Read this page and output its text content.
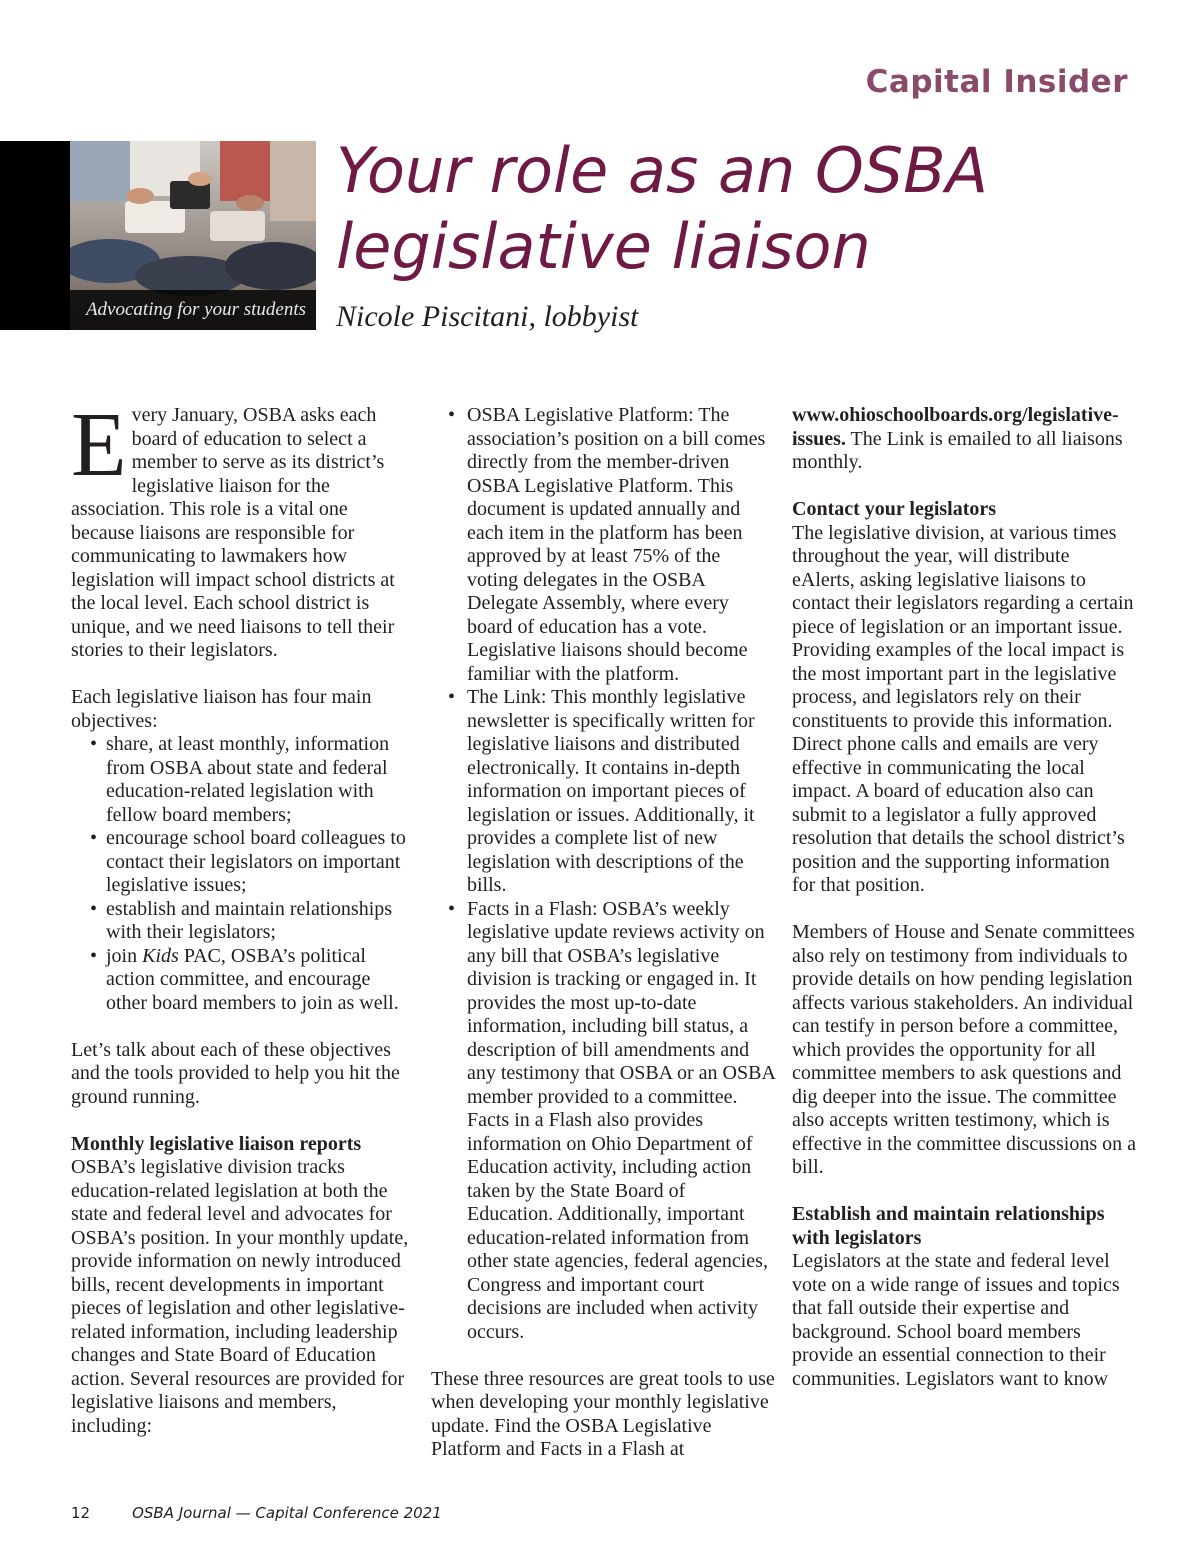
Capital Insider
Advocating for your students
Your role as an OSBA legislative liaison
Nicole Piscitani, lobbyist

Every January, OSBA asks each board of education to select a member to serve as its district’s legislative liaison for the association. This role is a vital one because liaisons are responsible for communicating to lawmakers how legislation will impact school districts at the local level. Each school district is unique, and we need liaisons to tell their stories to their legislators.

Each legislative liaison has four main objectives:

• share, at least monthly, information from OSBA about state and federal education-related legislation with fellow board members;
• encourage school board colleagues to contact their legislators on important legislative issues;
• establish and maintain relationships with their legislators;
• join Kids PAC, OSBA’s political action committee, and encourage other board members to join as well.

Let’s talk about each of these objectives and the tools provided to help you hit the ground running.

Monthly legislative liaison reports

OSBA’s legislative division tracks education-related legislation at both the state and federal level and advocates for OSBA’s position. In your monthly update, provide information on newly introduced bills, recent developments in important pieces of legislation and other legislative-related information, including leadership changes and State Board of Education action. Several resources are provided for legislative liaisons and members, including:

• OSBA Legislative Platform: The association’s position on a bill comes directly from the member-driven OSBA Legislative Platform. This document is updated annually and each item in the platform has been approved by at least 75% of the voting delegates in the OSBA Delegate Assembly, where every board of education has a vote. Legislative liaisons should become familiar with the platform.
• The Link: This monthly legislative newsletter is specifically written for legislative liaisons and distributed electronically. It contains in-depth information on important pieces of legislation or issues. Additionally, it provides a complete list of new legislation with descriptions of the bills.
• Facts in a Flash: OSBA’s weekly legislative update reviews activity on any bill that OSBA’s legislative division is tracking or engaged in. It provides the most up-to-date information, including bill status, a description of bill amendments and any testimony that OSBA or an OSBA member provided to a committee. Facts in a Flash also provides information on Ohio Department of Education activity, including action taken by the State Board of Education. Additionally, important education-related information from other state agencies, federal agencies, Congress and important court decisions are included when activity occurs.

These three resources are great tools to use when developing your monthly legislative update. Find the OSBA Legislative Platform and Facts in a Flash at

www.ohioschoolboards.org/legislative-issues. The Link is emailed to all liaisons monthly.

Contact your legislators

The legislative division, at various times throughout the year, will distribute eAlerts, asking legislative liaisons to contact their legislators regarding a certain piece of legislation or an important issue. Providing examples of the local impact is the most important part in the legislative process, and legislators rely on their constituents to provide this information. Direct phone calls and emails are very effective in communicating the local impact. A board of education also can submit to a legislator a fully approved resolution that details the school district’s position and the supporting information for that position.

Members of House and Senate committees also rely on testimony from individuals to provide details on how pending legislation affects various stakeholders. An individual can testify in person before a committee, which provides the opportunity for all committee members to ask questions and dig deeper into the issue. The committee also accepts written testimony, which is effective in the committee discussions on a bill.

Establish and maintain relationships with legislators

Legislators at the state and federal level vote on a wide range of issues and topics that fall outside their expertise and background. School board members provide an essential connection to their communities. Legislators want to know

12	OSBA Journal — Capital Conference 2021
